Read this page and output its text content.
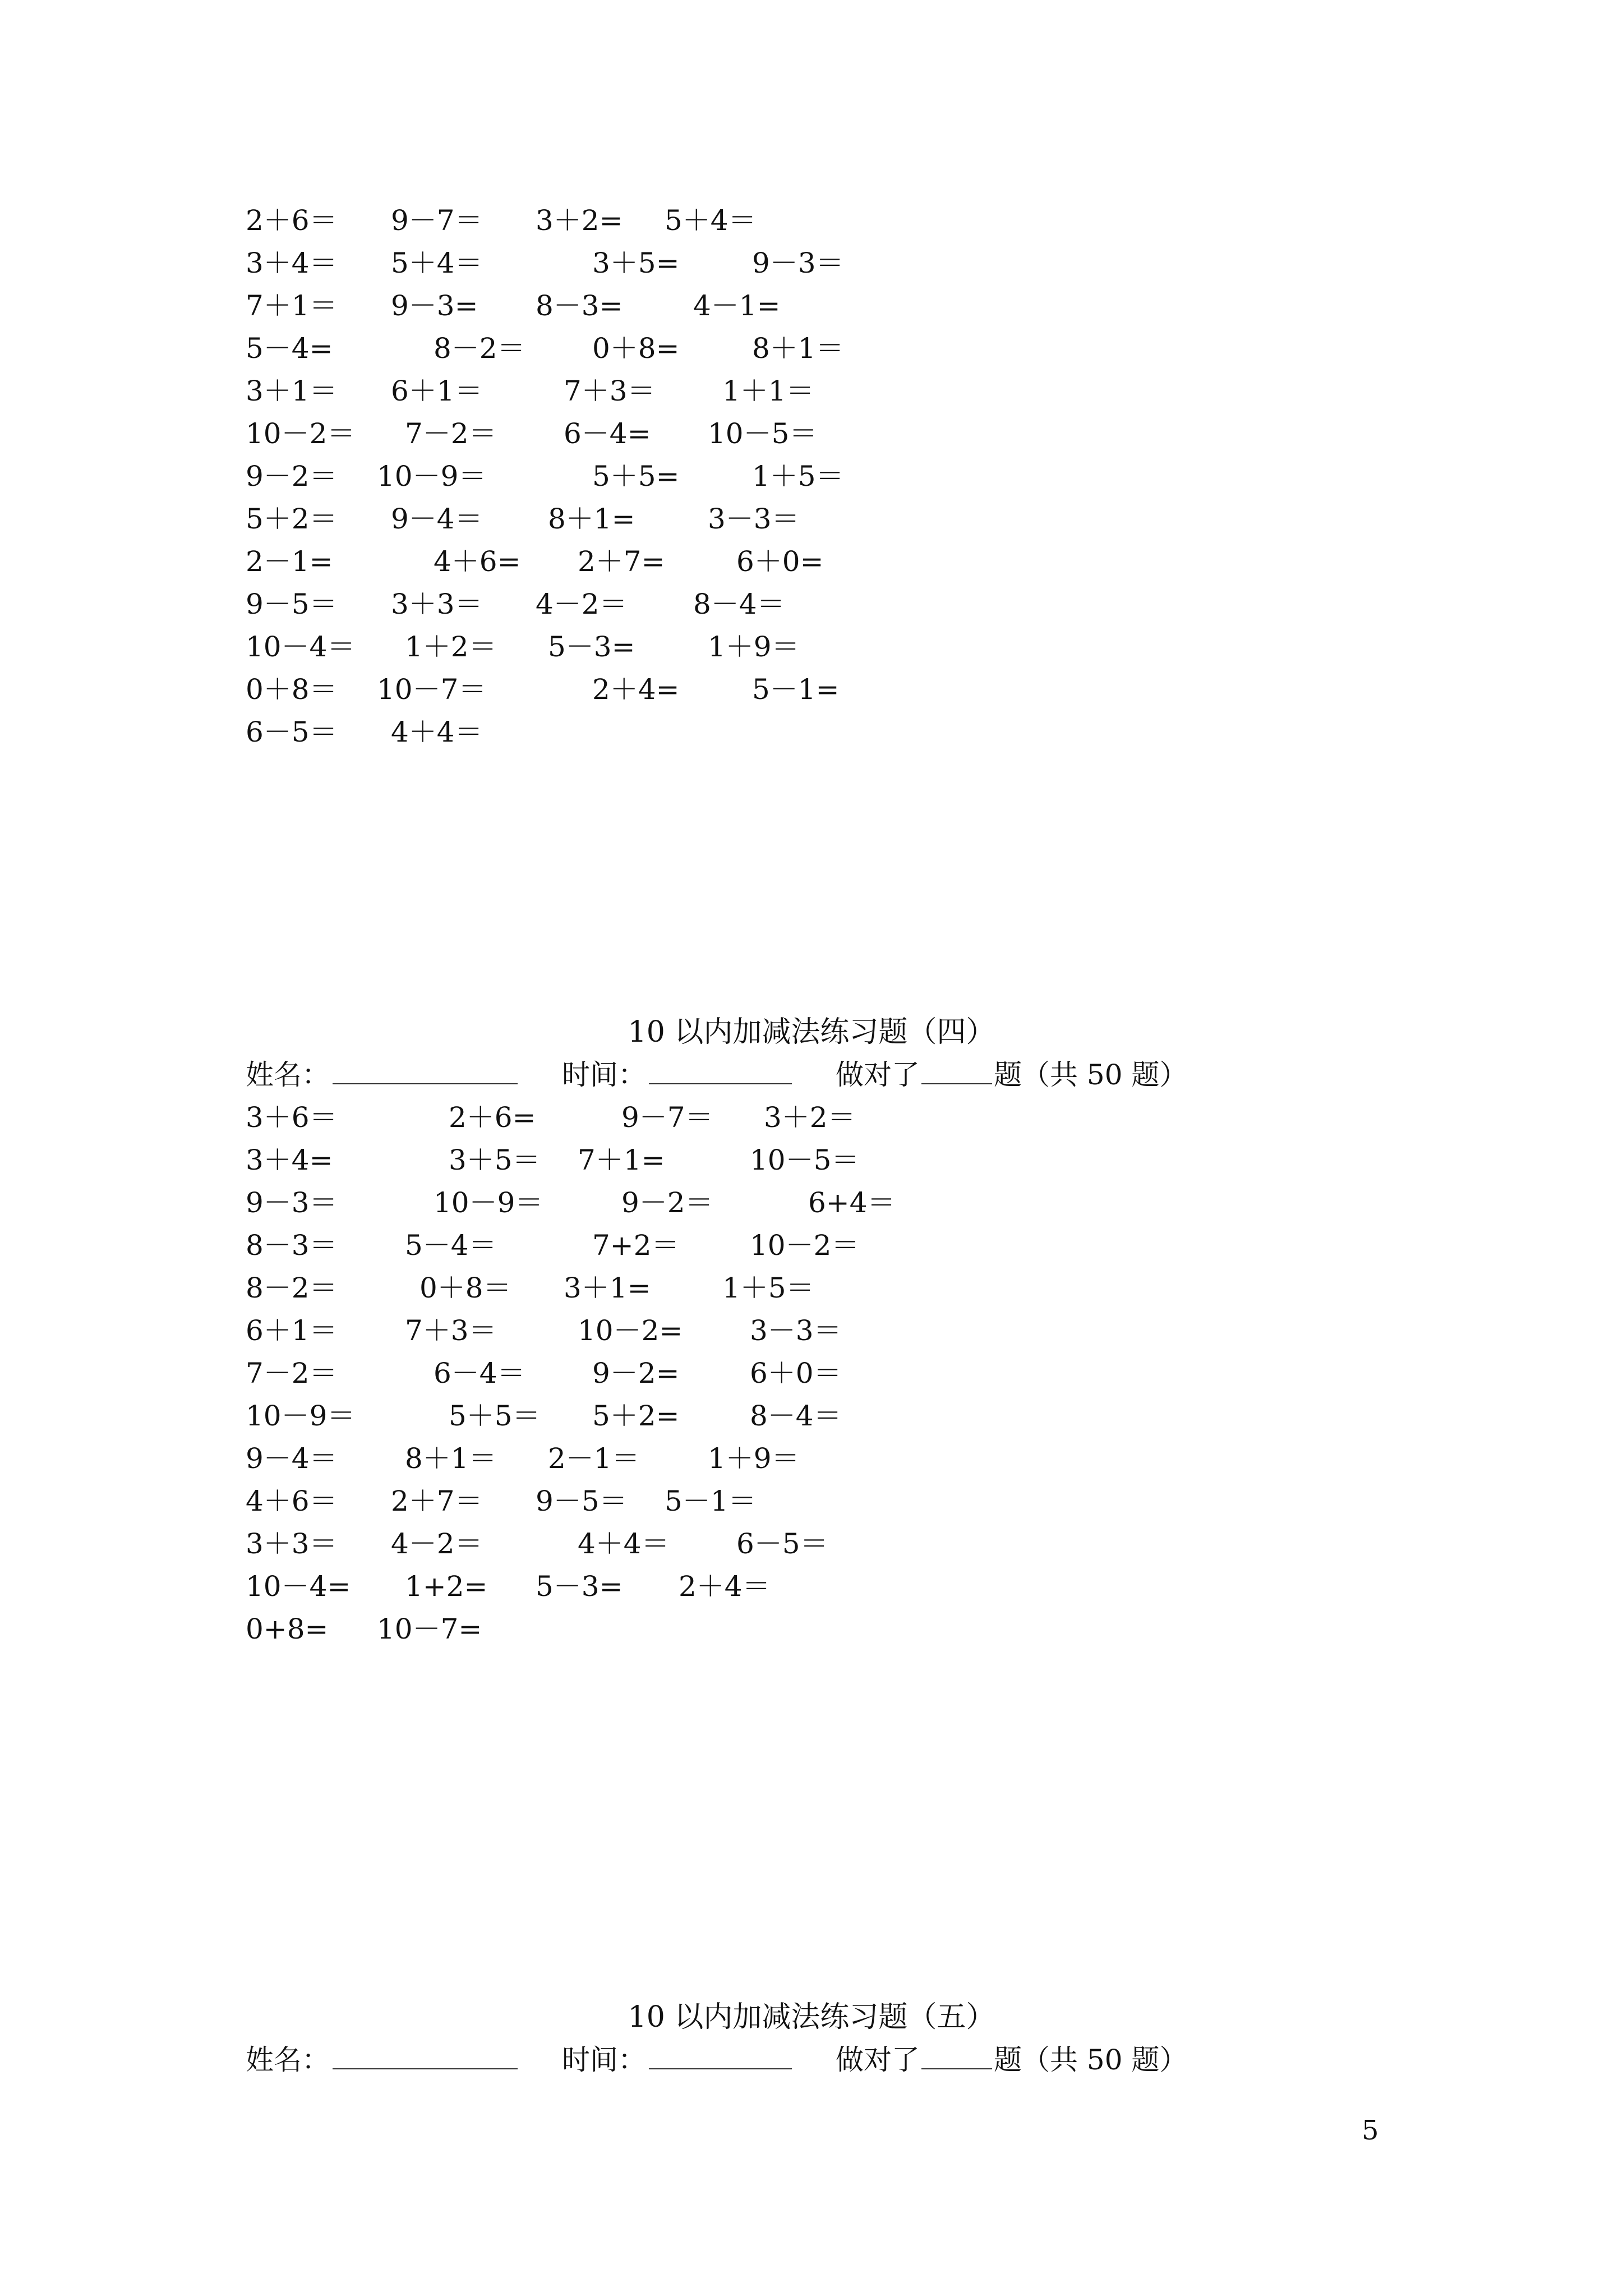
2＋6＝ 9－7＝ 3＋2= 5＋4＝
3＋4＝ 5＋4＝	3＋5=	9－3＝
7＋1＝ 9－3= 8－3=	4－1=
5－4=	8－2＝ 0＋8=	8＋1＝
3＋1＝ 6＋1＝	7＋3＝ 1＋1＝
10－2＝ 7－2＝ 6－4= 10－5＝
9－2＝ 10－9＝	5＋5=	1＋5＝
5＋2＝ 9－4＝ 8＋1=	3－3＝
2－1=	4＋6= 2＋7=	6＋0=
9－5＝ 3＋3＝ 4－2＝ 8－4＝
10－4＝ 1＋2＝ 5－3=	1＋9＝
0＋8＝ 10－7＝	2＋4=	5－1=
6－5＝ 4＋4＝
10 以内加减法练习题（四）
姓名：	时间：	做对了	题（共 50 题）
3＋6＝	2＋6=	9－7＝ 3＋2＝
3＋4=	3＋5＝ 7＋1=	10－5＝
9－3＝	10－9＝	9－2＝	6+4＝
8－3＝ 5－4＝	7+2＝	10－2＝
8－2＝	0＋8＝ 3＋1=	1＋5＝
6＋1＝ 7＋3＝	10－2= 3－3＝
7－2＝	6－4＝ 9－2=	6＋0＝
10－9＝	5＋5＝ 5＋2=	8－4＝
9－4＝ 8＋1＝ 2－1＝ 1＋9＝
4＋6＝ 2＋7＝ 9－5＝ 5－1＝
3＋3＝ 4－2＝	4＋4＝ 6－5＝
10－4= 1+2= 5－3= 2＋4＝
0+8= 10－7=
10 以内加减法练习题（五）
姓名：	时间：	做对了	题（共 50 题）
5
